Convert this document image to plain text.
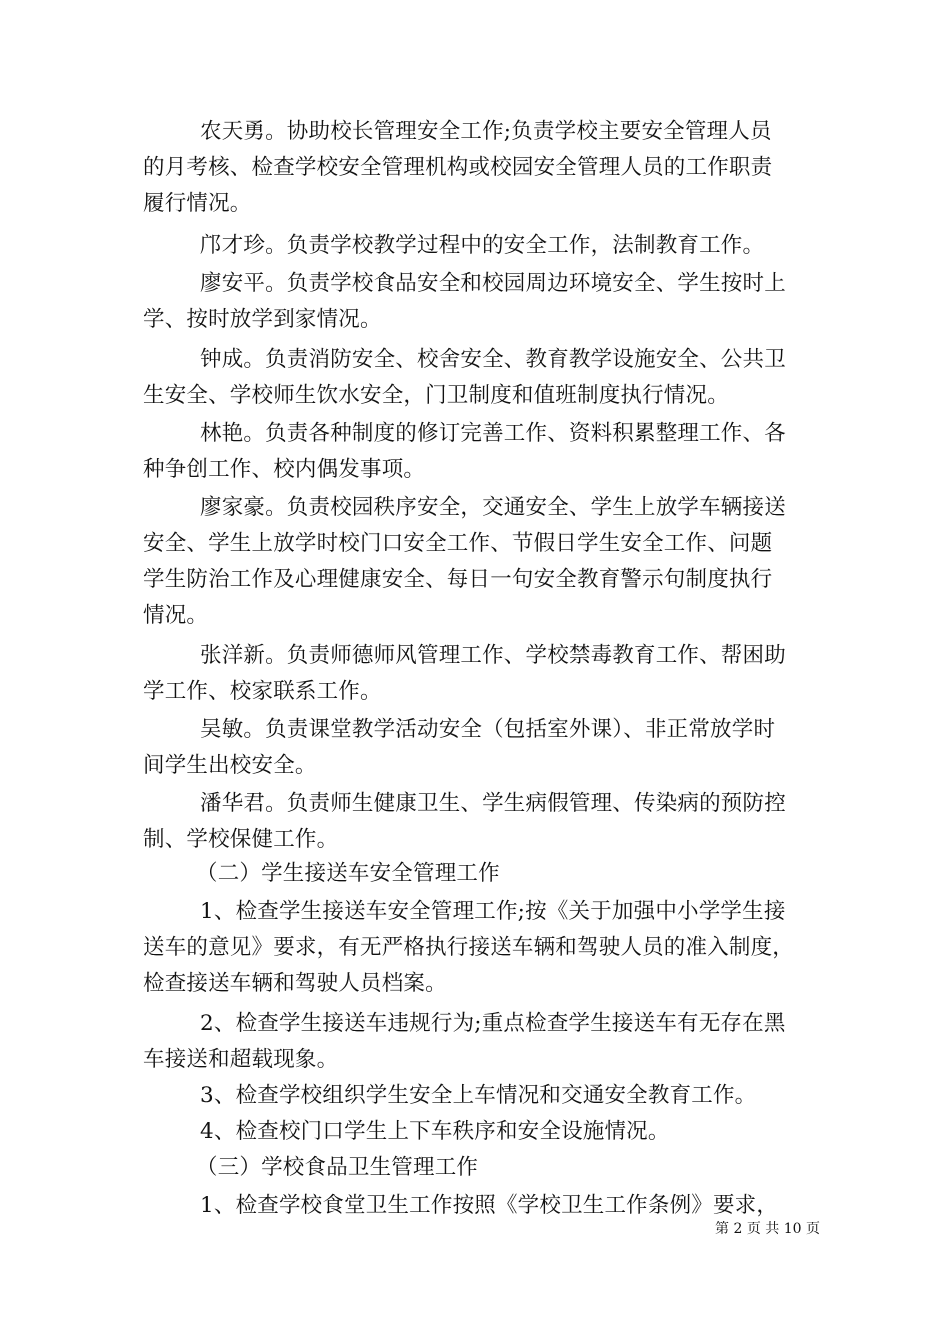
农天勇。协助校长管理安全工作;负责学校主要安全管理人员
的月考核、检查学校安全管理机构或校园安全管理人员的工作职责
履行情况。
邝才珍。负责学校教学过程中的安全工作，法制教育工作。
廖安平。负责学校食品安全和校园周边环境安全、学生按时上
学、按时放学到家情况。
钟成。负责消防安全、校舍安全、教育教学设施安全、公共卫
生安全、学校师生饮水安全，门卫制度和值班制度执行情况。
林艳。负责各种制度的修订完善工作、资料积累整理工作、各
种争创工作、校内偶发事项。
廖家豪。负责校园秩序安全，交通安全、学生上放学车辆接送
安全、学生上放学时校门口安全工作、节假日学生安全工作、问题
学生防治工作及心理健康安全、每日一句安全教育警示句制度执行
情况。
张洋新。负责师德师风管理工作、学校禁毒教育工作、帮困助
学工作、校家联系工作。
吴敏。负责课堂教学活动安全（包括室外课）、非正常放学时
间学生出校安全。
潘华君。负责师生健康卫生、学生病假管理、传染病的预防控
制、学校保健工作。
（二）学生接送车安全管理工作
1、检查学生接送车安全管理工作;按《关于加强中小学学生接
送车的意见》要求，有无严格执行接送车辆和驾驶人员的准入制度，
检查接送车辆和驾驶人员档案。
2、检查学生接送车违规行为;重点检查学生接送车有无存在黑
车接送和超载现象。
3、检查学校组织学生安全上车情况和交通安全教育工作。
4、检查校门口学生上下车秩序和安全设施情况。
（三）学校食品卫生管理工作
1、检查学校食堂卫生工作按照《学校卫生工作条例》要求，
第 2 页 共 10 页
